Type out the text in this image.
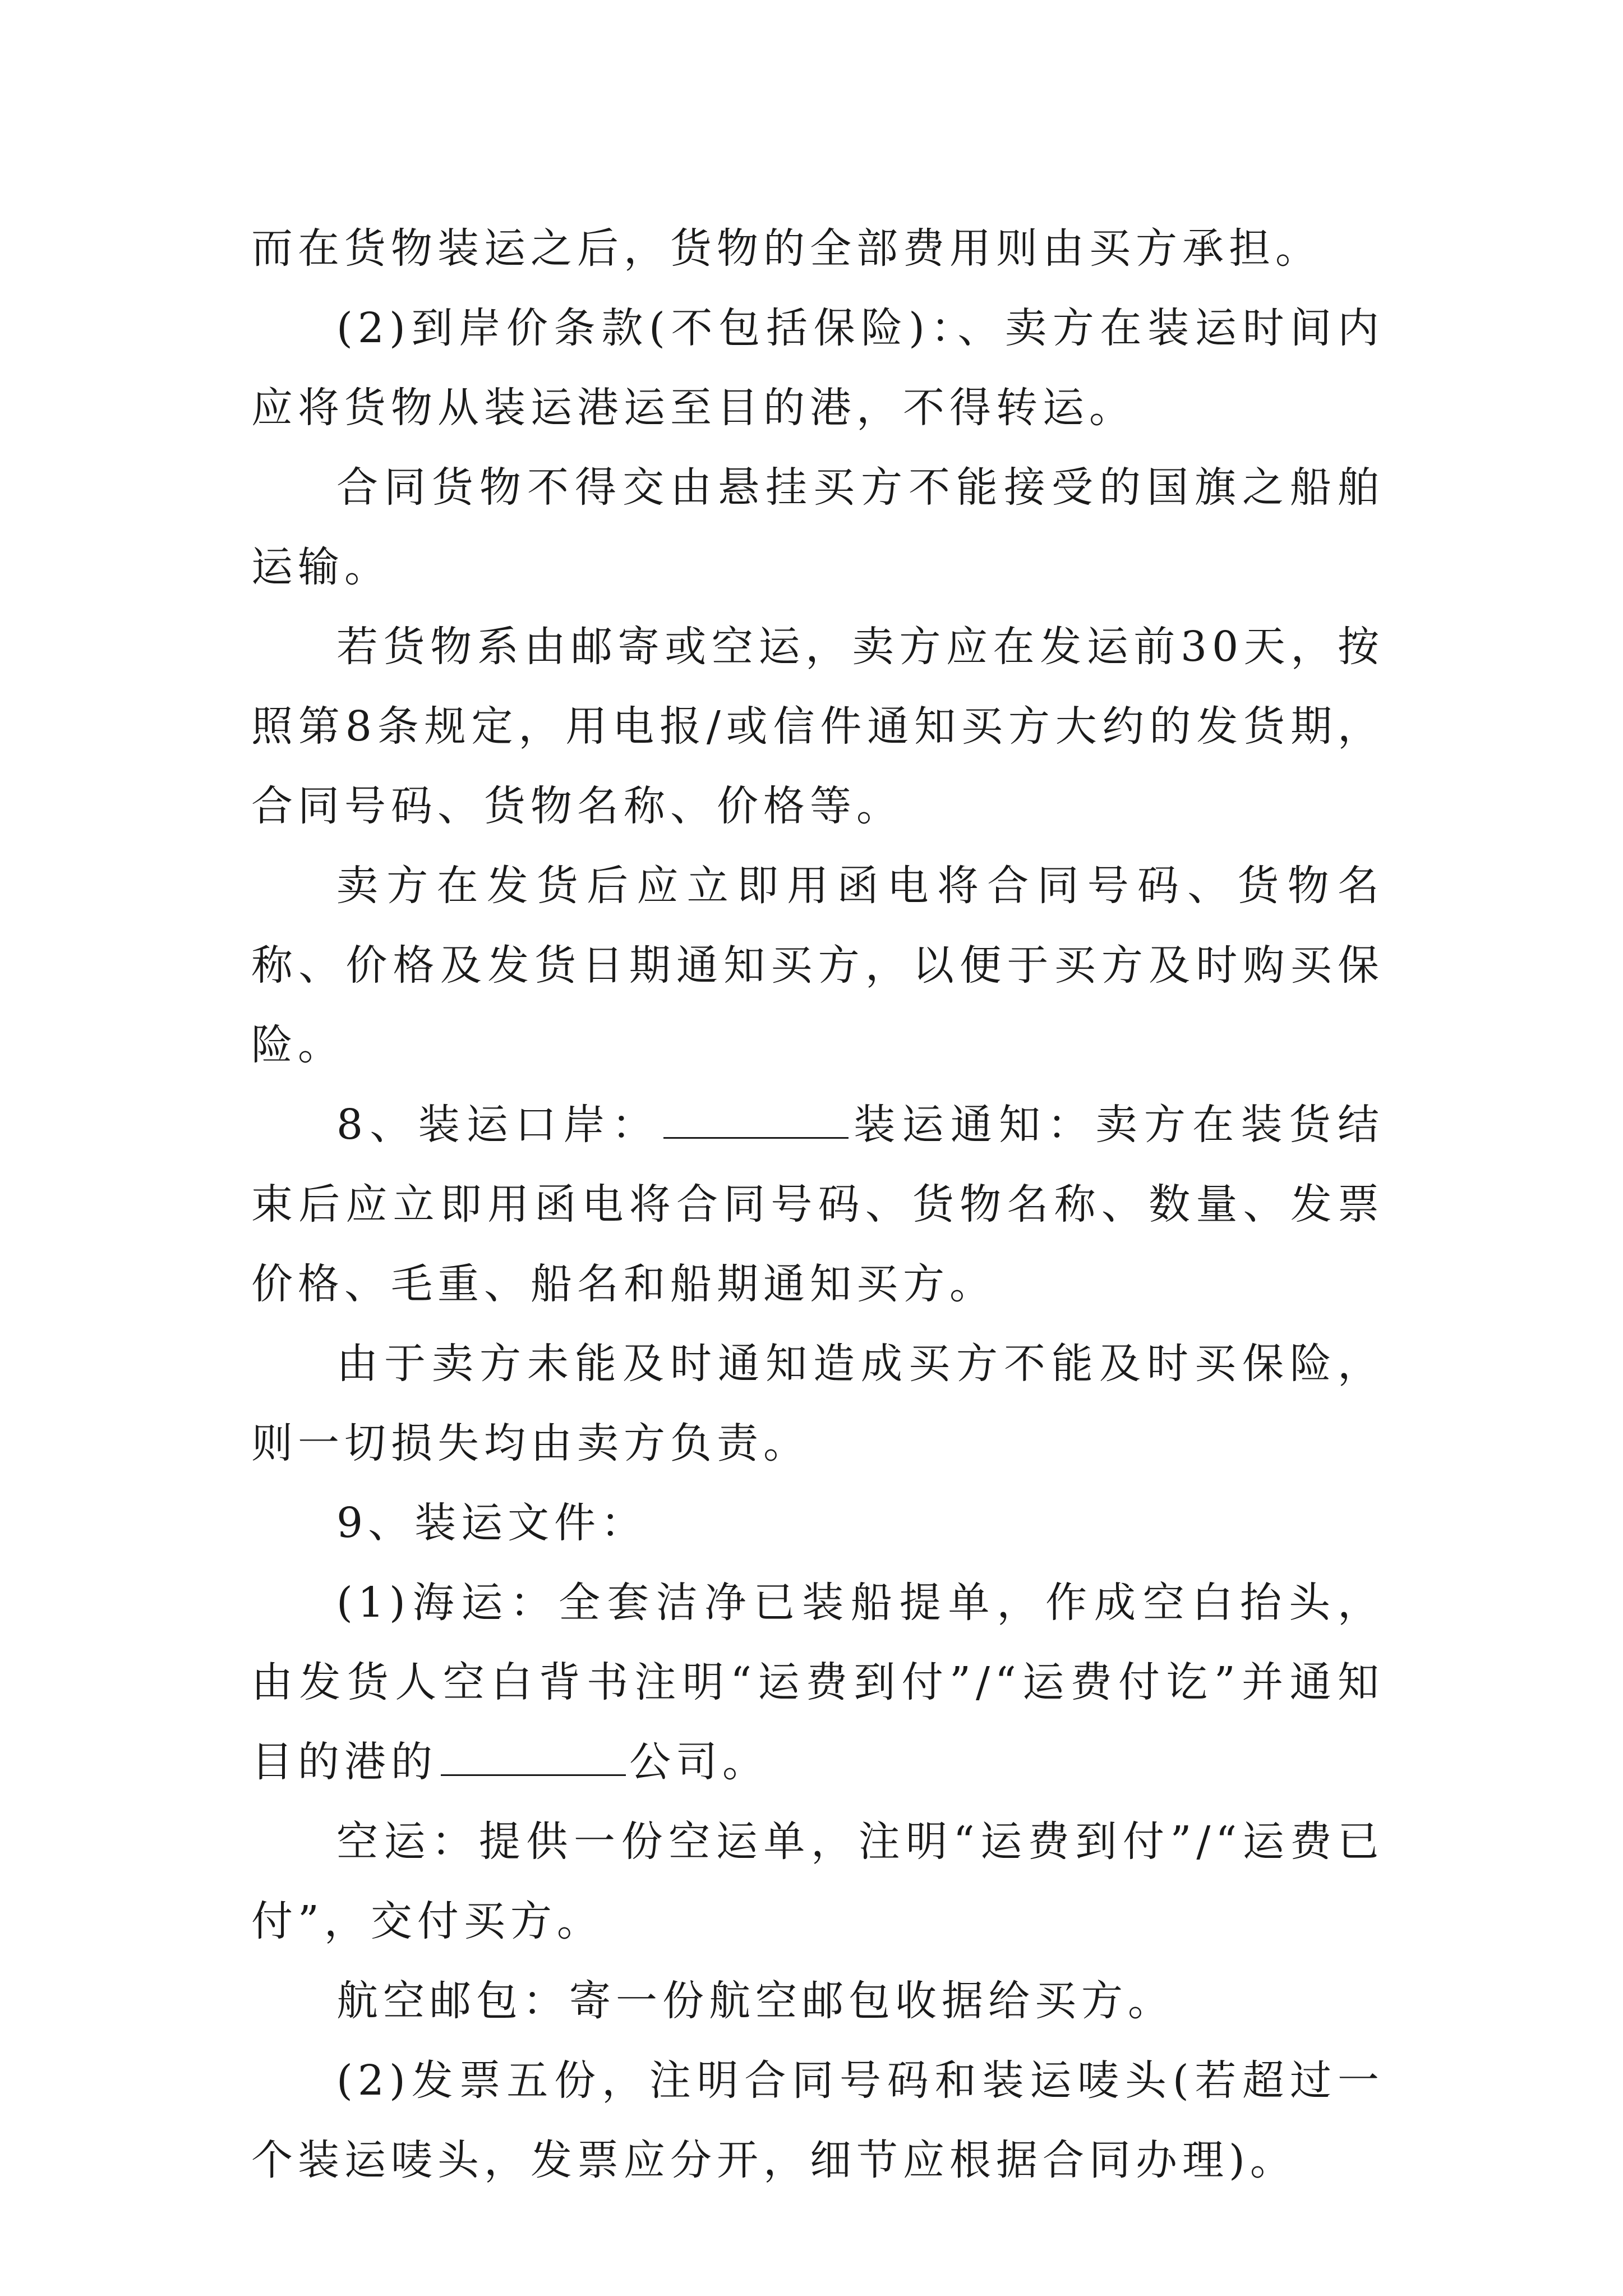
而在货物装运之后，货物的全部费用则由买方承担。

(2)到岸价条款(不包括保险)：、卖方在装运时间内应将货物从装运港运至目的港，不得转运。

合同货物不得交由悬挂买方不能接受的国旗之船舶运输。

若货物系由邮寄或空运，卖方应在发运前30天，按照第8条规定，用电报/或信件通知买方大约的发货期，合同号码、货物名称、价格等。

卖方在发货后应立即用函电将合同号码、货物名称、价格及发货日期通知买方，以便于买方及时购买保险。

8、装运口岸：	装运通知：卖方在装货结束后应立即用函电将合同号码、货物名称、数量、发票价格、毛重、船名和船期通知买方。

由于卖方未能及时通知造成买方不能及时买保险，则一切损失均由卖方负责。

9、装运文件：

(1)海运：全套洁净已装船提单，作成空白抬头，由发货人空白背书注明“运费到付”/“运费付讫”并通知目的港的	公司。

空运：提供一份空运单，注明“运费到付”/“运费已付”，交付买方。

航空邮包：寄一份航空邮包收据给买方。

(2)发票五份，注明合同号码和装运唛头(若超过一个装运唛头，发票应分开，细节应根据合同办理)。
